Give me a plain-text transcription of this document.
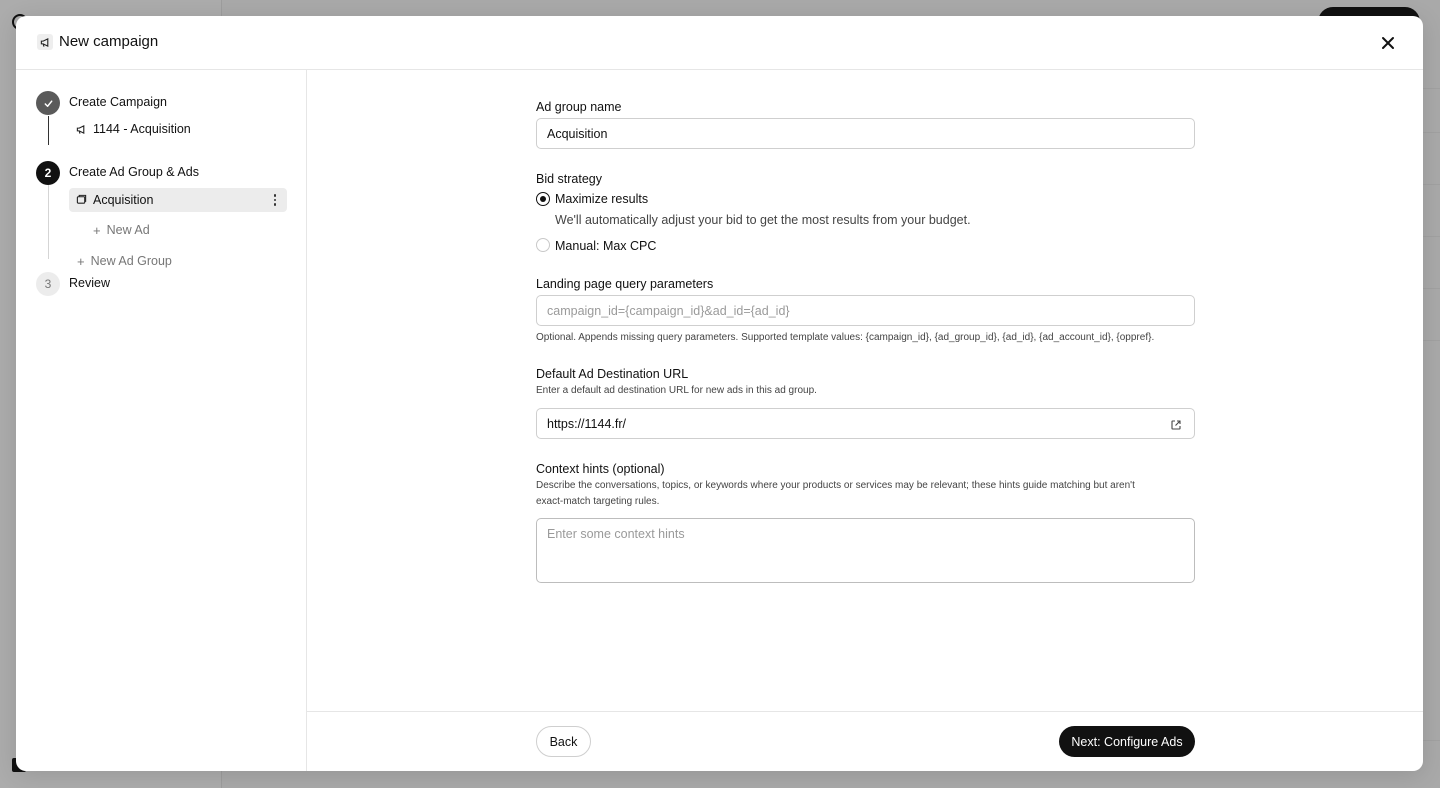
New campaign
Create Campaign
1144 - Acquisition
2 Create Ad Group & Ads
Acquisition
+ New Ad
+ New Ad Group
3 Review
Ad group name
Acquisition
Bid strategy
Maximize results
We'll automatically adjust your bid to get the most results from your budget.
Manual: Max CPC
Landing page query parameters
campaign_id={campaign_id}&ad_id={ad_id}
Optional. Appends missing query parameters. Supported template values: {campaign_id}, {ad_group_id}, {ad_id}, {ad_account_id}, {oppref}.
Default Ad Destination URL
Enter a default ad destination URL for new ads in this ad group.
https://1144.fr/
Context hints (optional)
Describe the conversations, topics, or keywords where your products or services may be relevant; these hints guide matching but aren't
exact-match targeting rules.
Enter some context hints
Back	Next: Configure Ads
